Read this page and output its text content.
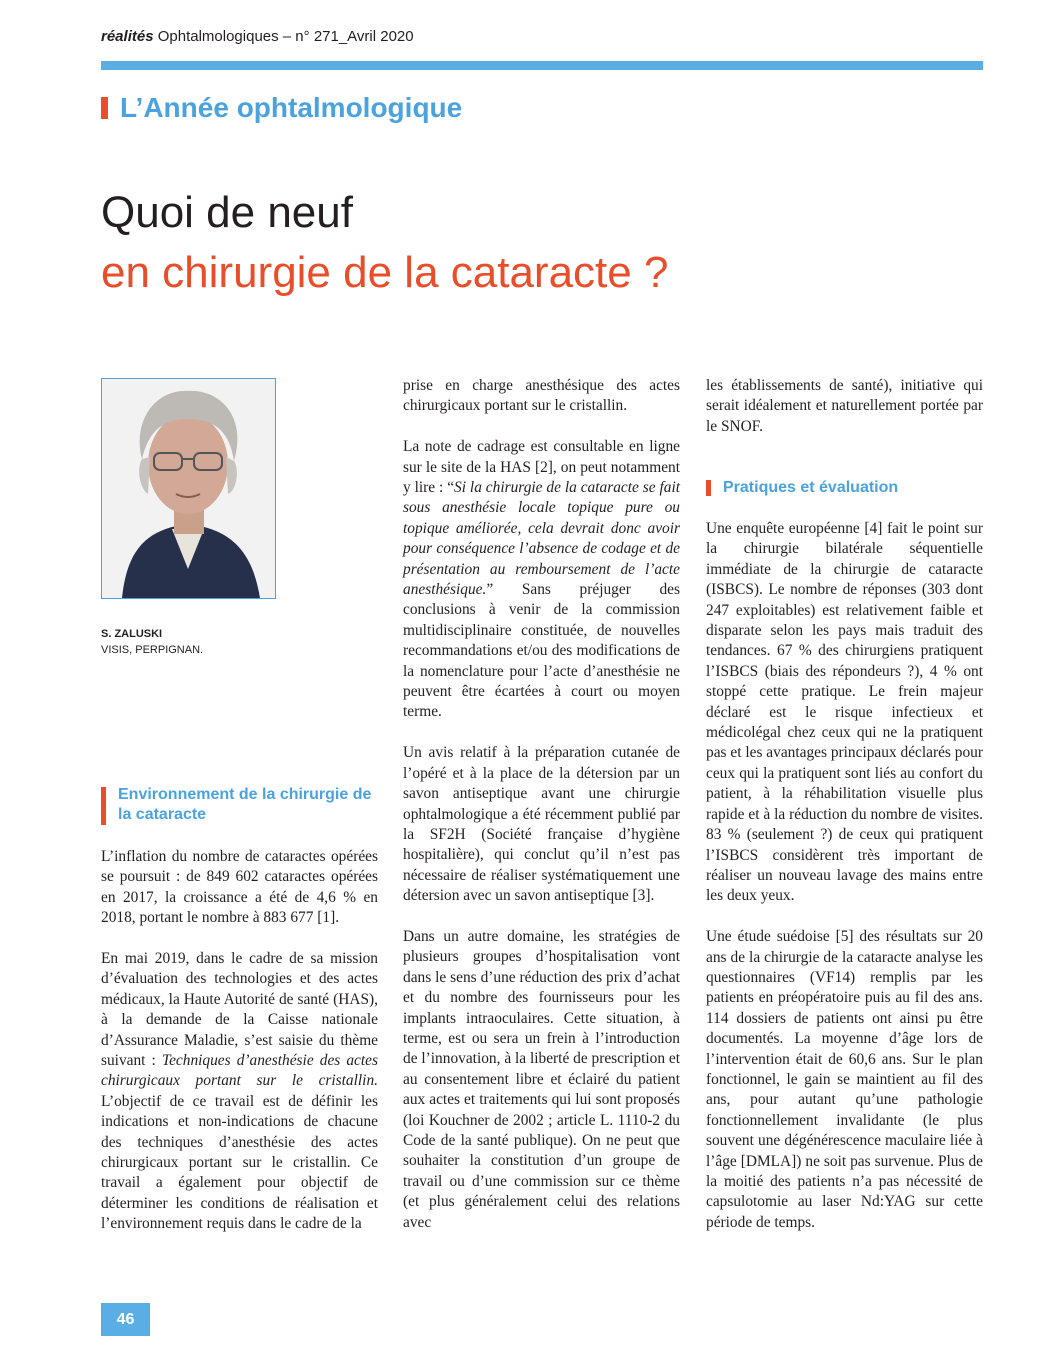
réalités Ophtalmologiques – n° 271_Avril 2020
L’Année ophtalmologique
Quoi de neuf
en chirurgie de la cataracte ?
S. ZALUSKI
VISIS, PERPIGNAN.
Environnement de la chirurgie de la cataracte

L’inflation du nombre de cataractes opérées se poursuit : de 849 602 cataractes opérées en 2017, la croissance a été de 4,6 % en 2018, portant le nombre à 883 677 [1].

En mai 2019, dans le cadre de sa mission d’évaluation des technologies et des actes médicaux, la Haute Autorité de santé (HAS), à la demande de la Caisse nationale d’Assurance Maladie, s’est saisie du thème suivant : Techniques d’anesthésie des actes chirurgicaux portant sur le cristallin. L’objectif de ce travail est de définir les indications et non-indications de chacune des techniques d’anesthésie des actes chirurgicaux portant sur le cristallin. Ce travail a également pour objectif de déterminer les conditions de réalisation et l’environnement requis dans le cadre de la

prise en charge anesthésique des actes chirurgicaux portant sur le cristallin.

La note de cadrage est consultable en ligne sur le site de la HAS [2], on peut notamment y lire : “Si la chirurgie de la cataracte se fait sous anesthésie locale topique pure ou topique améliorée, cela devrait donc avoir pour conséquence l’absence de codage et de présentation au remboursement de l’acte anesthésique.” Sans préjuger des conclusions à venir de la commission multidisciplinaire constituée, de nouvelles recommandations et/ou des modifications de la nomenclature pour l’acte d’anesthésie ne peuvent être écartées à court ou moyen terme.

Un avis relatif à la préparation cutanée de l’opéré et à la place de la détersion par un savon antiseptique avant une chirurgie ophtalmologique a été récemment publié par la SF2H (Société française d’hygiène hospitalière), qui conclut qu’il n’est pas nécessaire de réaliser systématiquement une détersion avec un savon antiseptique [3].

Dans un autre domaine, les stratégies de plusieurs groupes d’hospitalisation vont dans le sens d’une réduction des prix d’achat et du nombre des fournisseurs pour les implants intraoculaires. Cette situation, à terme, est ou sera un frein à l’introduction de l’innovation, à la liberté de prescription et au consentement libre et éclairé du patient aux actes et traitements qui lui sont proposés (loi Kouchner de 2002 ; article L. 1110-2 du Code de la santé publique). On ne peut que souhaiter la constitution d’un groupe de travail ou d’une commission sur ce thème (et plus généralement celui des relations avec

les établissements de santé), initiative qui serait idéalement et naturellement portée par le SNOF.

Pratiques et évaluation

Une enquête européenne [4] fait le point sur la chirurgie bilatérale séquentielle immédiate de la chirurgie de cataracte (ISBCS). Le nombre de réponses (303 dont 247 exploitables) est relativement faible et disparate selon les pays mais traduit des tendances. 67 % des chirurgiens pratiquent l’ISBCS (biais des répondeurs ?), 4 % ont stoppé cette pratique. Le frein majeur déclaré est le risque infectieux et médicolégal chez ceux qui ne la pratiquent pas et les avantages principaux déclarés pour ceux qui la pratiquent sont liés au confort du patient, à la réhabilitation visuelle plus rapide et à la réduction du nombre de visites. 83 % (seulement ?) de ceux qui pratiquent l’ISBCS considèrent très important de réaliser un nouveau lavage des mains entre les deux yeux.

Une étude suédoise [5] des résultats sur 20 ans de la chirurgie de la cataracte analyse les questionnaires (VF14) remplis par les patients en préopératoire puis au fil des ans. 114 dossiers de patients ont ainsi pu être documentés. La moyenne d’âge lors de l’intervention était de 60,6 ans. Sur le plan fonctionnel, le gain se maintient au fil des ans, pour autant qu’une pathologie fonctionnellement invalidante (le plus souvent une dégénérescence maculaire liée à l’âge [DMLA]) ne soit pas survenue. Plus de la moitié des patients n’a pas nécessité de capsulotomie au laser Nd:YAG sur cette période de temps.

46
